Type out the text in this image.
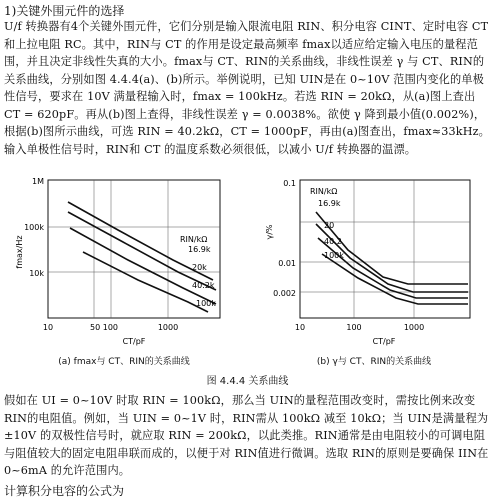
1)关键外围元件的选择
U/f 转换器有4个关键外围元件，它们分别是输入限流电阻 RIN、积分电容 CINT、定时电容 CT 和上拉电阻 RC。其中，RIN与 CT 的作用是设定最高频率 fmax以适应给定输入电压的量程范围，并且决定非线性失真的大小。fmax与 CT、RIN的关系曲线，非线性误差 γ 与 CT、RIN的关系曲线，分别如图 4.4.4(a)、(b)所示。举例说明，已知 UIN是在 0~10V 范围内变化的单极性信号，要求在 10V 满量程输入时，fmax = 100kHz。若选 RIN = 20kΩ，从(a)图上查出 CT = 620pF。再从(b)图上查得，非线性误差 γ = 0.0038%。欲使 γ 降到最小值(0.002%)，根据(b)图所示曲线，可选 RIN = 40.2kΩ，CT = 1000pF，再由(a)图查出，fmax≈33kHz。输入单极性信号时，RIN和 CT 的温度系数必须很低，以减小 U/f 转换器的温漂。
1M
100k
10k
10	50 100	1000
CT/pF
fmax/Hz	RIN/kΩ
16.9k
20k
40.2k
100k
(a) fmax与 CT、RIN的关系曲线
0.1
0.01
0.002
10	100	1000
CT/pF
γ/%
RIN/kΩ
16.9k
20
40.2
100k
(b) γ与 CT、RIN的关系曲线
图 4.4.4 关系曲线
假如在 UI = 0~10V 时取 RIN = 100kΩ，那么当 UIN的量程范围改变时，需按比例来改变 RIN的电阻值。例如，当 UIN = 0~1V 时，RIN需从 100kΩ 减至 10kΩ；当 UIN是满量程为 ±10V 的双极性信号时，就应取 RIN = 200kΩ，以此类推。RIN通常是由电阻较小的可调电阻与阻值较大的固定电阻串联而成的，以便于对 RIN值进行微调。选取 RIN的原则是要确保 IIN在 0~6mA 的允许范围内。
计算积分电容的公式为
